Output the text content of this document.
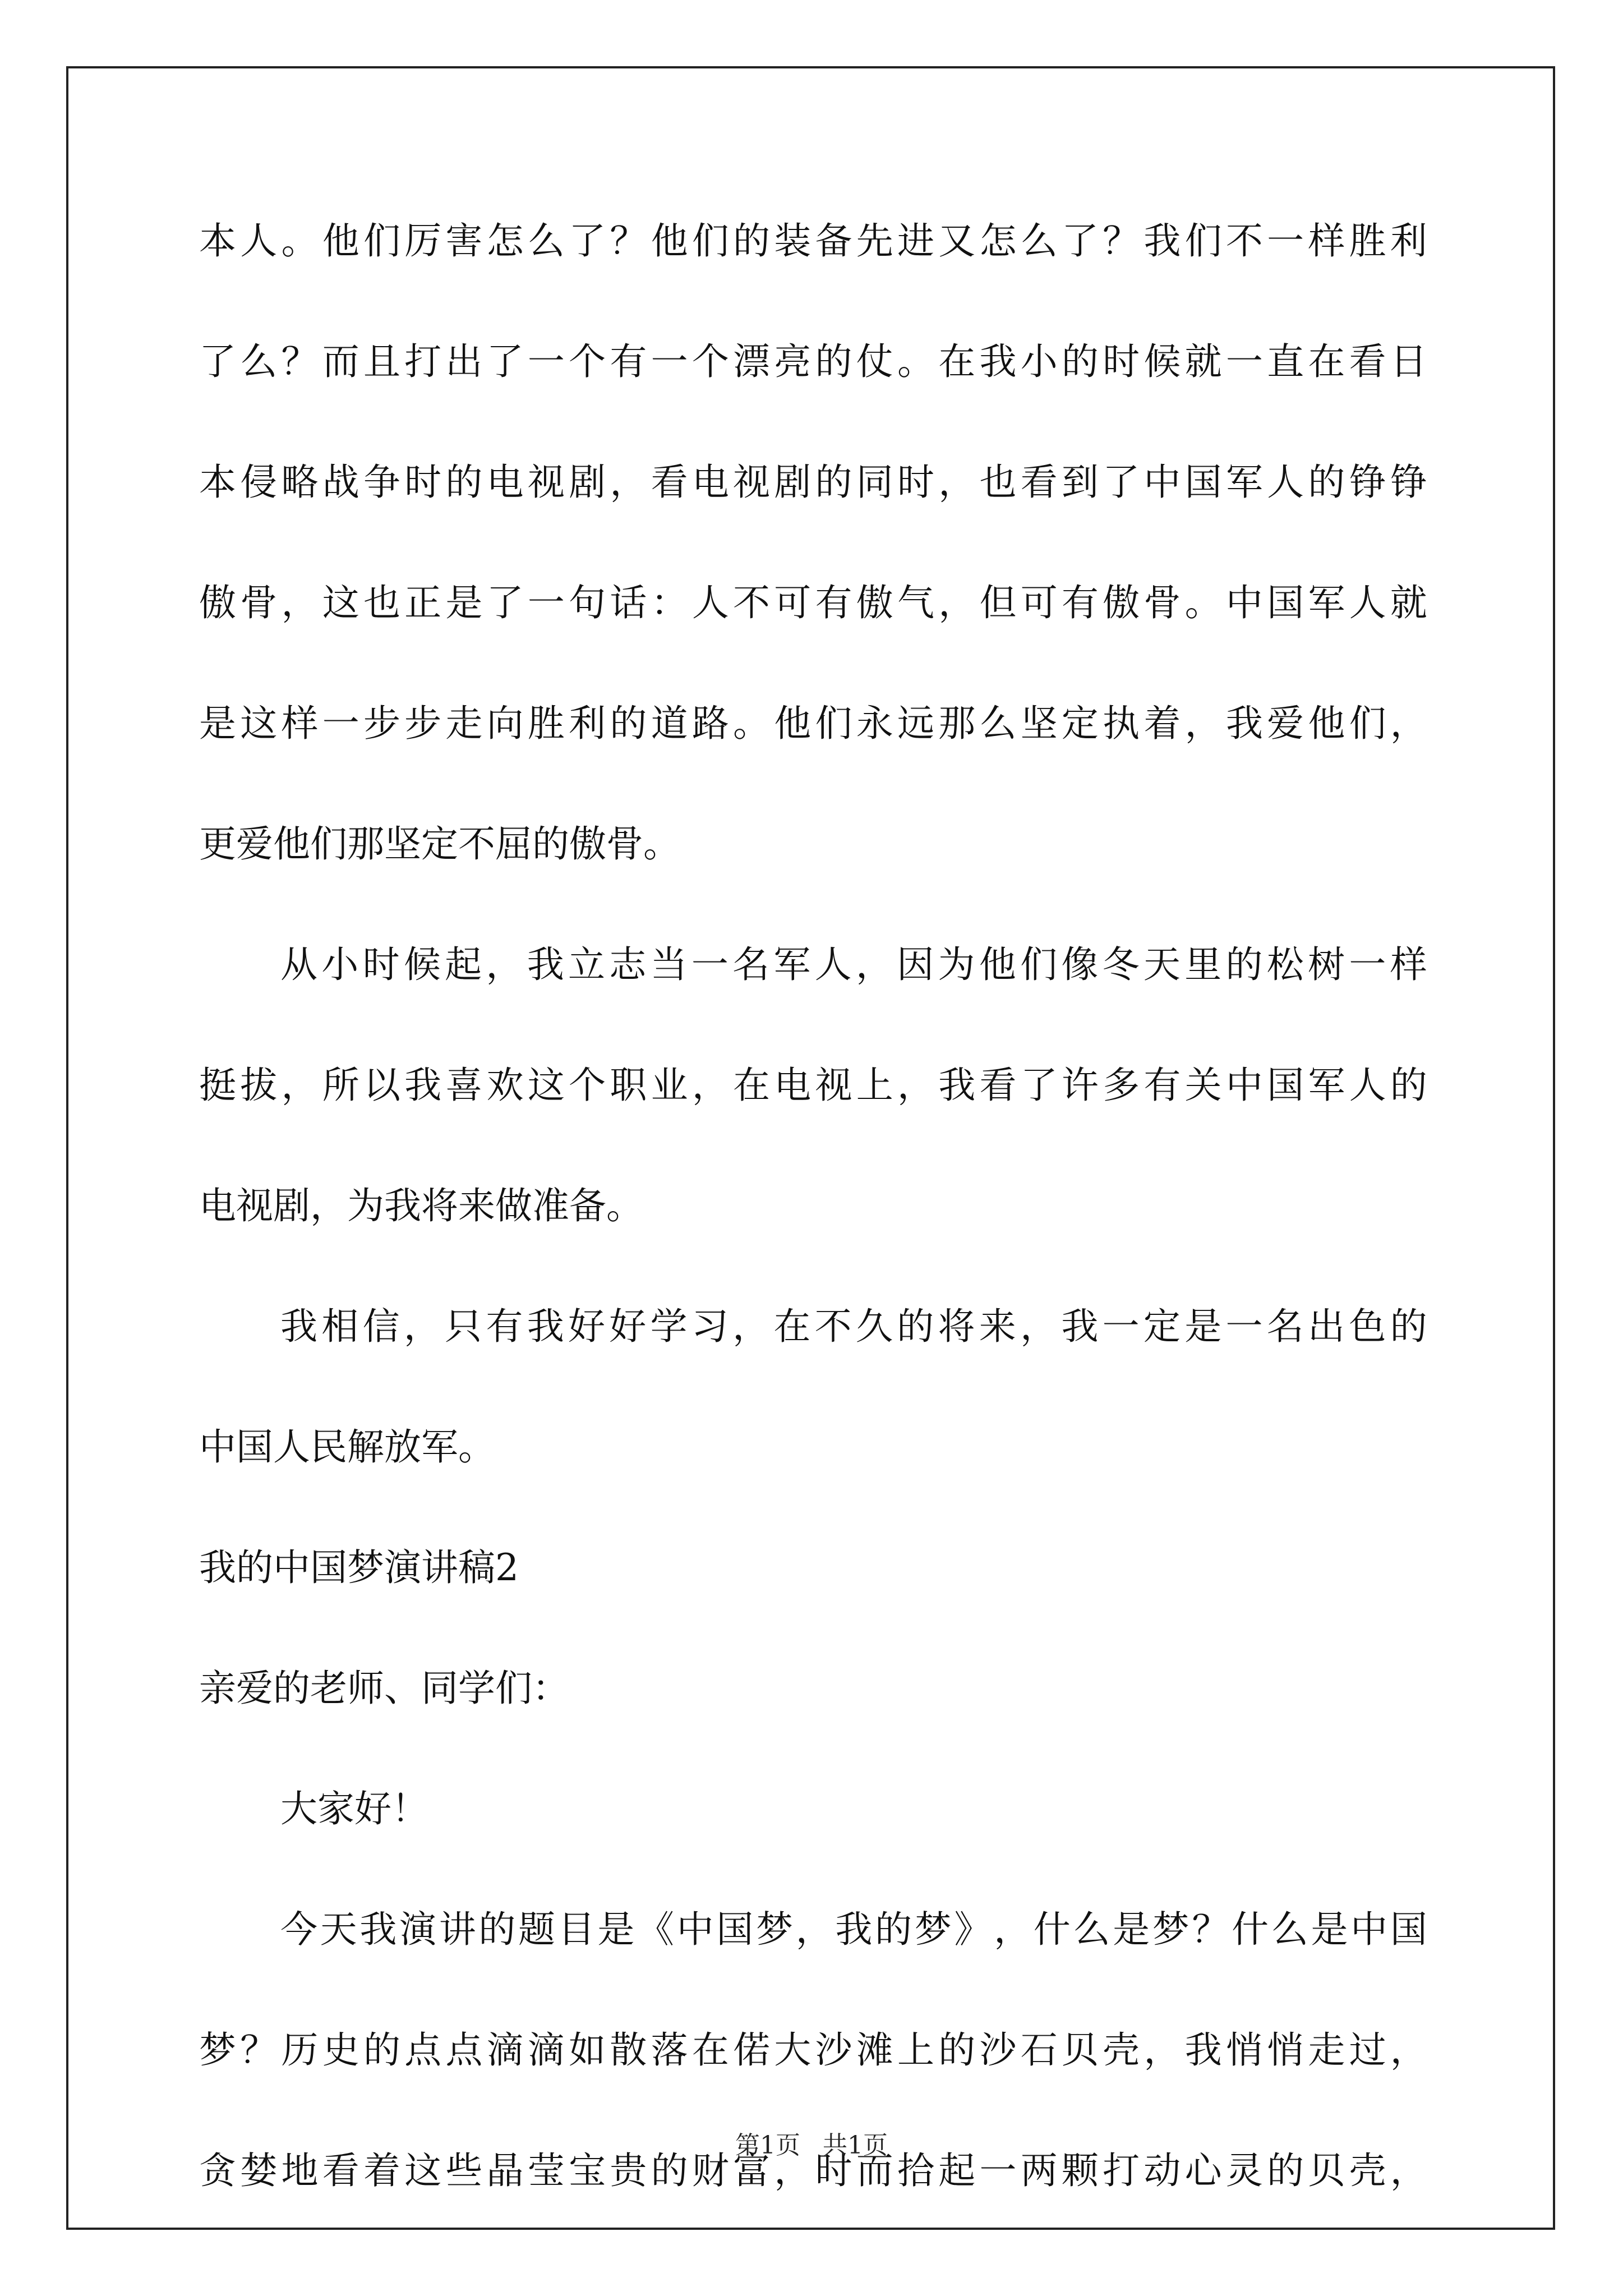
本 人 。 他 们 厉 害 怎 么 了 ？ 他 们 的 装 备 先 进 又 怎 么 了 ？ 我 们 不 一 样 胜 利
了 么 ？ 而 且 打 出 了 一 个 有 一 个 漂 亮 的 仗 。 在 我 小 的 时 候 就 一 直 在 看 日
本 侵 略 战 争 时 的 电 视 剧 ， 看 电 视 剧 的 同 时 ， 也 看 到 了 中 国 军 人 的 铮 铮
傲 骨 ， 这 也 正 是 了 一 句 话 ： 人 不 可 有 傲 气 ， 但 可 有 傲 骨 。 中 国 军 人 就
是 这 样 一 步 步 走 向 胜 利 的 道 路 。 他 们 永 远 那 么 坚 定 执 着 ， 我 爱 他 们 ，
更爱他们那坚定不屈的傲骨。
从 小 时 候 起 ， 我 立 志 当 一 名 军 人 ， 因 为 他 们 像 冬 天 里 的 松 树 一 样
挺 拔 ， 所 以 我 喜 欢 这 个 职 业 ， 在 电 视 上 ， 我 看 了 许 多 有 关 中 国 军 人 的
电视剧，为我将来做准备。
我 相 信 ， 只 有 我 好 好 学 习 ， 在 不 久 的 将 来 ， 我 一 定 是 一 名 出 色 的
中国人民解放军。
我的中国梦演讲稿2
亲爱的老师、同学们：
大家好！
今 天 我 演 讲 的 题 目 是 《 中 国 梦 ， 我 的 梦 》 ， 什 么 是 梦 ？ 什 么 是 中 国
梦 ？ 历 史 的 点 点 滴 滴 如 散 落 在 偌 大 沙 滩 上 的 沙 石 贝 壳 ， 我 悄 悄 走 过 ，
贪 婪 地 看 着 这 些 晶 莹 宝 贵 的 财 富 ， 时 而 拾 起 一 两 颗 打 动 心 灵 的 贝 壳 ，
第1页 共1页
